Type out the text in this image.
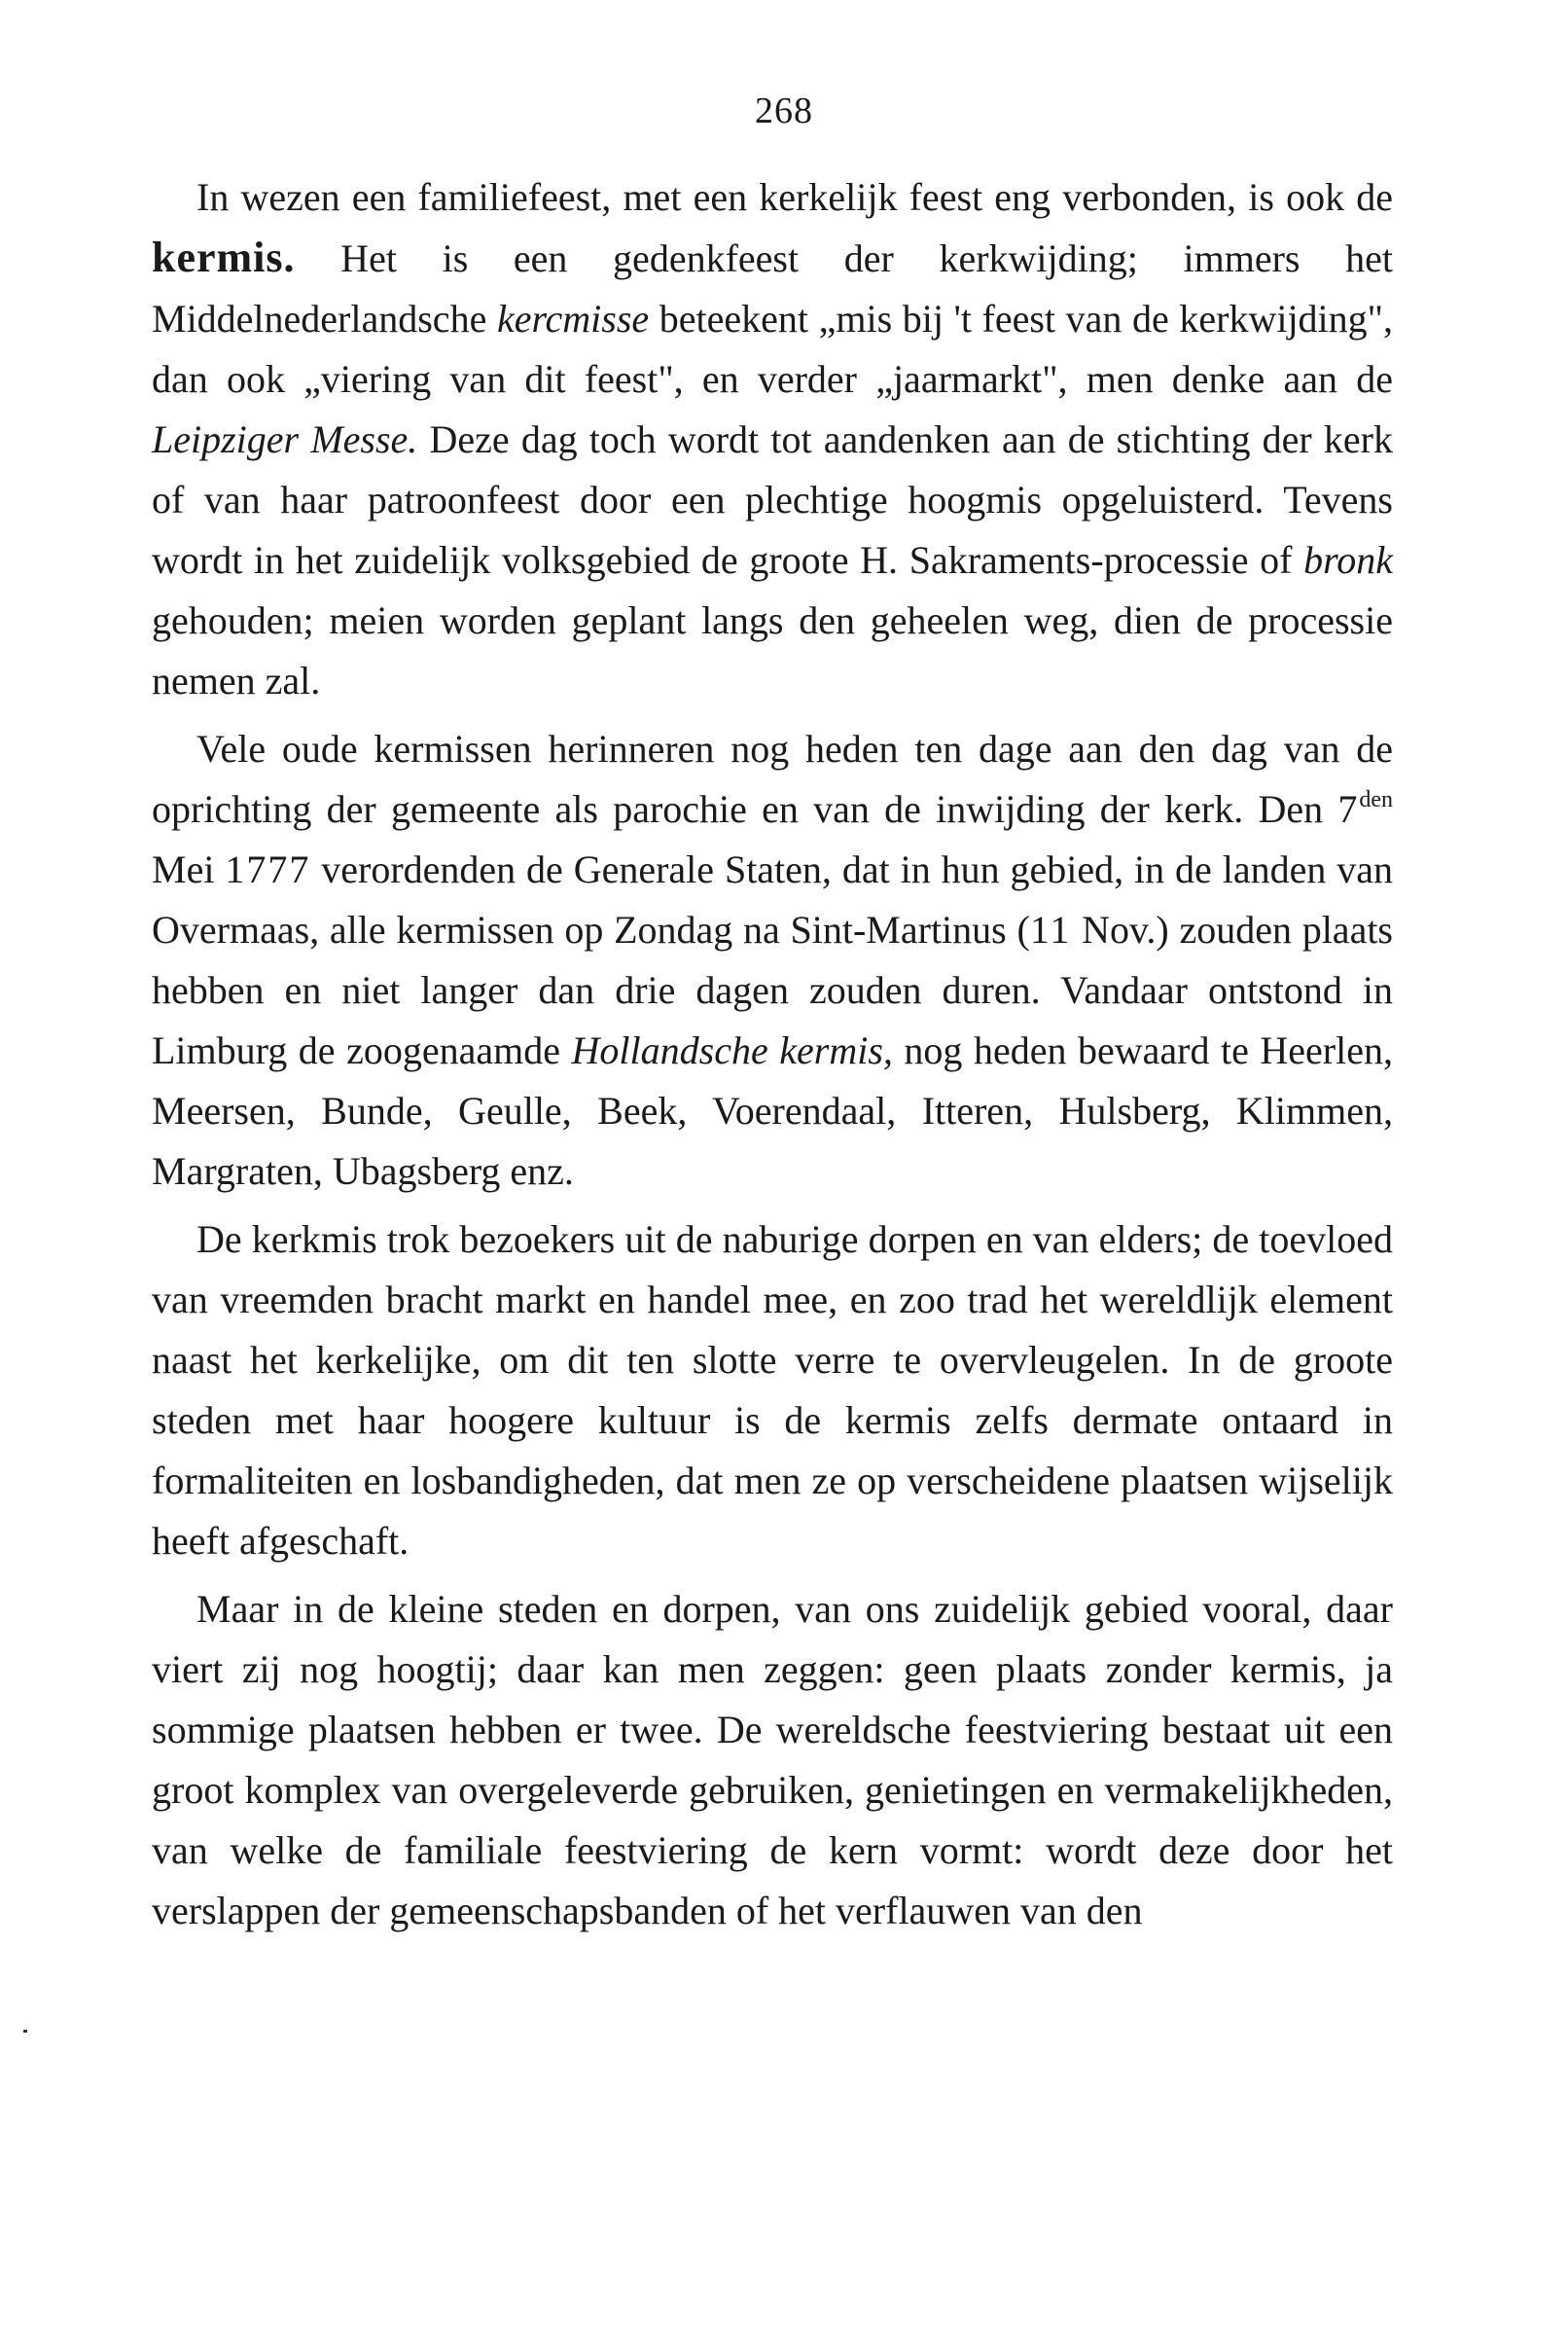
268

In wezen een familiefeest, met een kerkelijk feest eng verbonden, is ook de kermis. Het is een gedenkfeest der kerkwijding; immers het Middelnederlandsche kercmisse beteekent „mis bij 't feest van de kerkwijding", dan ook „viering van dit feest", en verder „jaarmarkt", men denke aan de Leipziger Messe. Deze dag toch wordt tot aandenken aan de stichting der kerk of van haar patroonfeest door een plechtige hoogmis opgeluisterd. Tevens wordt in het zuidelijk volksgebied de groote H. Sakraments-processie of bronk gehouden; meien worden geplant langs den geheelen weg, dien de processie nemen zal.

Vele oude kermissen herinneren nog heden ten dage aan den dag van de oprichting der gemeente als parochie en van de inwijding der kerk. Den $7^{den}$ Mei 1777 verordenden de Generale Staten, dat in hun gebied, in de landen van Overmaas, alle kermissen op Zondag na Sint-Martinus (11 Nov.) zouden plaats hebben en niet langer dan drie dagen zouden duren. Vandaar ontstond in Limburg de zoogenaamde Hollandsche kermis, nog heden bewaard te Heerlen, Meersen, Bunde, Geulle, Beek, Voerendaal, Itteren, Hulsberg, Klimmen, Margraten, Ubagsberg enz.

De kerkmis trok bezoekers uit de naburige dorpen en van elders; de toevloed van vreemden bracht markt en handel mee, en zoo trad het wereldlijk element naast het kerkelijke, om dit ten slotte verre te overvleugelen. In de groote steden met haar hoogere kultuur is de kermis zelfs dermate ontaard in formaliteiten en losbandigheden, dat men ze op verscheidene plaatsen wijselijk heeft afgeschaft.

Maar in de kleine steden en dorpen, van ons zuidelijk gebied vooral, daar viert zij nog hoogtij; daar kan men zeggen: geen plaats zonder kermis, ja sommige plaatsen hebben er twee. De wereldsche feestviering bestaat uit een groot komplex van overgeleverde gebruiken, genietingen en vermakelijkheden, van welke de familiale feestviering de kern vormt: wordt deze door het verslappen der gemeenschapsbanden of het verflauwen van den
